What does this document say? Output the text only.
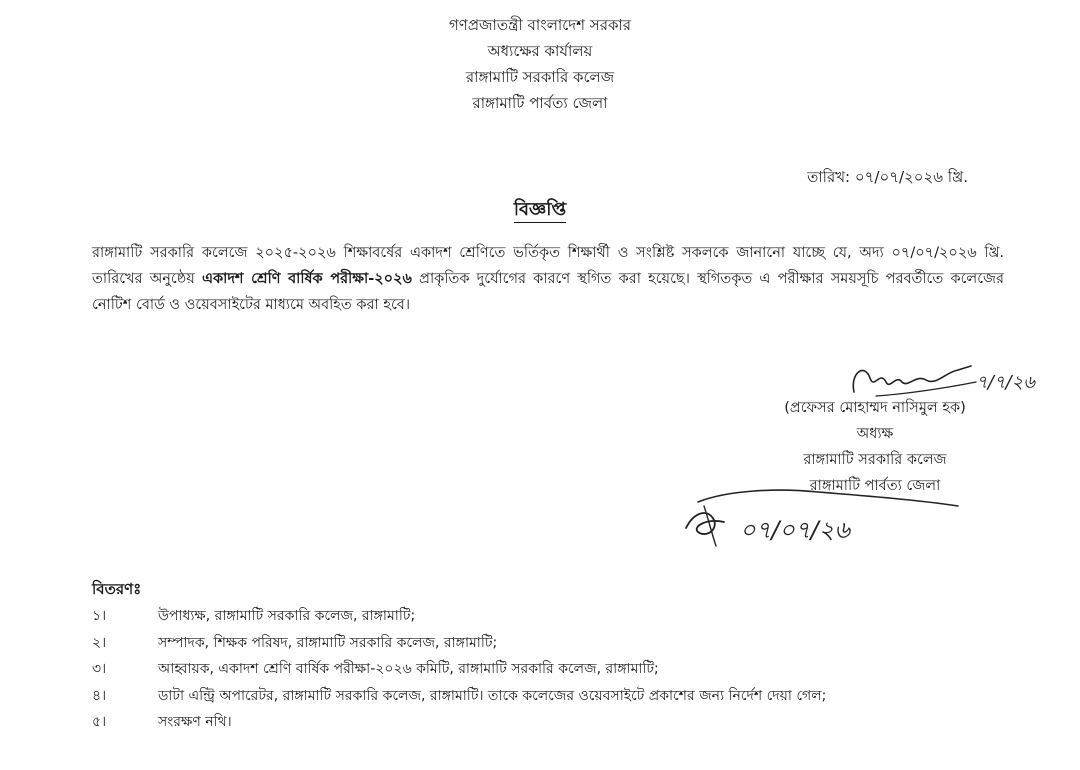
গণপ্রজাতন্ত্রী বাংলাদেশ সরকার
অধ্যক্ষের কার্যালয়
রাঙ্গামাটি সরকারি কলেজ
রাঙ্গামাটি পার্বত্য জেলা
তারিখ: ০৭/০৭/২০২৬ খ্রি.
বিজ্ঞপ্তি
রাঙ্গামাটি সরকারি কলেজে ২০২৫-২০২৬ শিক্ষাবর্ষের একাদশ শ্রেণিতে ভর্তিকৃত শিক্ষার্থী ও সংশ্লিষ্ট সকলকে জানানো যাচ্ছে যে, অদ্য ০৭/০৭/২০২৬ খ্রি. তারিখের অনুষ্ঠেয় একাদশ শ্রেণি বার্ষিক পরীক্ষা-২০২৬ প্রাকৃতিক দুর্যোগের কারণে স্থগিত করা হয়েছে। স্থগিতকৃত এ পরীক্ষার সময়সূচি পরবর্তীতে কলেজের নোটিশ বোর্ড ও ওয়েবসাইটের মাধ্যমে অবহিত করা হবে।
৭/৭/২৬
(প্রফেসর মোহাম্মদ নাসিমুল হক)
অধ্যক্ষ
রাঙ্গামাটি সরকারি কলেজ
রাঙ্গামাটি পার্বত্য জেলা
০৭/০৭/২৬
বিতরণঃ
১।	উপাধ্যক্ষ, রাঙ্গামাটি সরকারি কলেজ, রাঙ্গামাটি;
২।	সম্পাদক, শিক্ষক পরিষদ, রাঙ্গামাটি সরকারি কলেজ, রাঙ্গামাটি;
৩।	আহ্বায়ক, একাদশ শ্রেণি বার্ষিক পরীক্ষা-২০২৬ কমিটি, রাঙ্গামাটি সরকারি কলেজ, রাঙ্গামাটি;
৪।	ডাটা এন্ট্রি অপারেটর, রাঙ্গামাটি সরকারি কলেজ, রাঙ্গামাটি। তাকে কলেজের ওয়েবসাইটে প্রকাশের জন্য নির্দেশ দেয়া গেল;
৫।	সংরক্ষণ নথি।
